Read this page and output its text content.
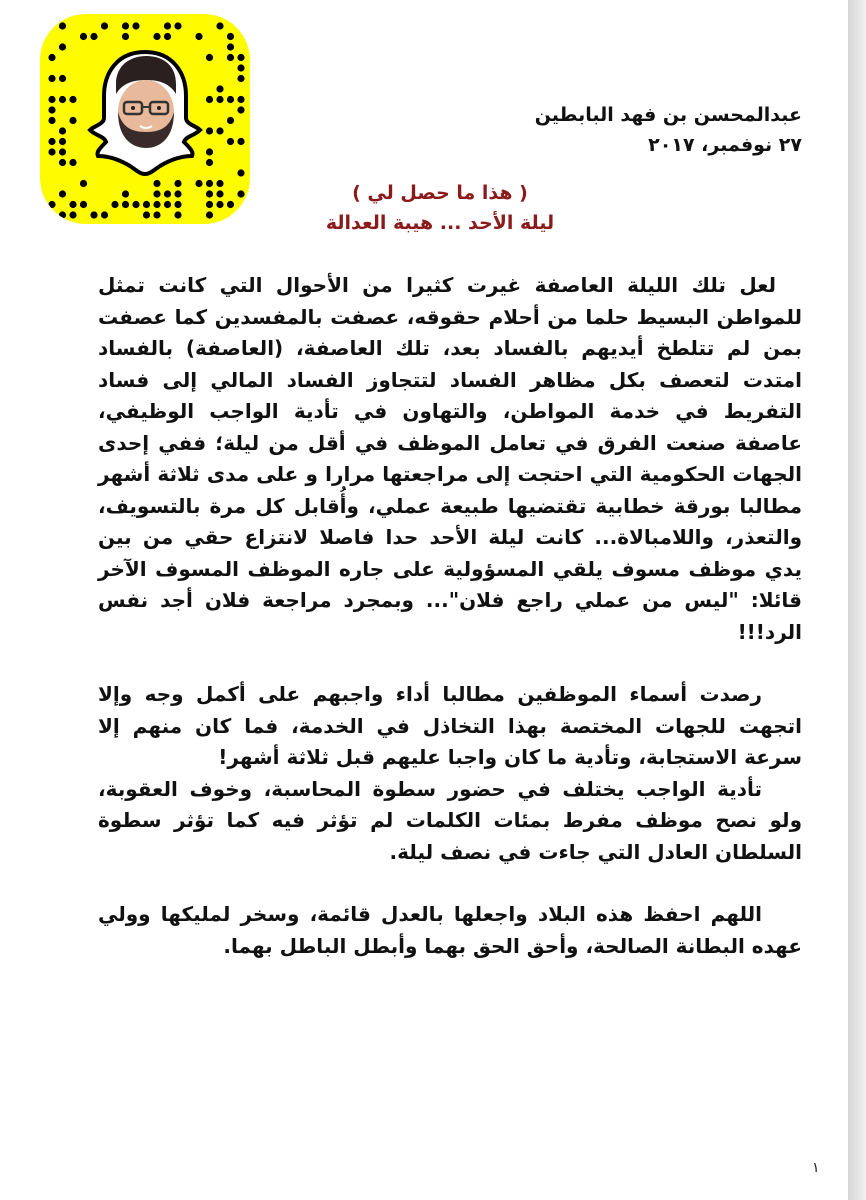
عبدالمحسن بن فهد البابطين
٢٧ نوفمبر، ٢٠١٧
( هذا ما حصل لي )
ليلة الأحد ... هيبة العدالة

لعل تلك الليلة العاصفة غيرت كثيرا من الأحوال التي كانت تمثل للمواطن البسيط حلما من أحلام حقوقه، عصفت بالمفسدين كما عصفت بمن لم تتلطخ أيديهم بالفساد بعد، تلك العاصفة، (العاصفة) بالفساد امتدت لتعصف بكل مظاهر الفساد لتتجاوز الفساد المالي إلى فساد التفريط في خدمة المواطن، والتهاون في تأدية الواجب الوظيفي، عاصفة صنعت الفرق في تعامل الموظف في أقل من ليلة؛ ففي إحدى الجهات الحكومية التي احتجت إلى مراجعتها مرارا و على مدى ثلاثة أشهر مطالبا بورقة خطابية تقتضيها طبيعة عملي، وأُقابل كل مرة بالتسويف، والتعذر، واللامبالاة... كانت ليلة الأحد حدا فاصلا لانتزاع حقي من بين يدي موظف مسوف يلقي المسؤولية على جاره الموظف المسوف الآخر قائلا: "ليس من عملي راجع فلان"... وبمجرد مراجعة فلان أجد نفس الرد!!!

رصدت أسماء الموظفين مطالبا أداء واجبهم على أكمل وجه وإلا اتجهت للجهات المختصة بهذا التخاذل في الخدمة، فما كان منهم إلا سرعة الاستجابة، وتأدية ما كان واجبا عليهم قبل ثلاثة أشهر!

تأدية الواجب يختلف في حضور سطوة المحاسبة، وخوف العقوبة، ولو نصح موظف مفرط بمئات الكلمات لم تؤثر فيه كما تؤثر سطوة السلطان العادل التي جاءت في نصف ليلة.

اللهم احفظ هذه البلاد واجعلها بالعدل قائمة، وسخر لمليكها وولي عهده البطانة الصالحة، وأحق الحق بهما وأبطل الباطل بهما.

١
